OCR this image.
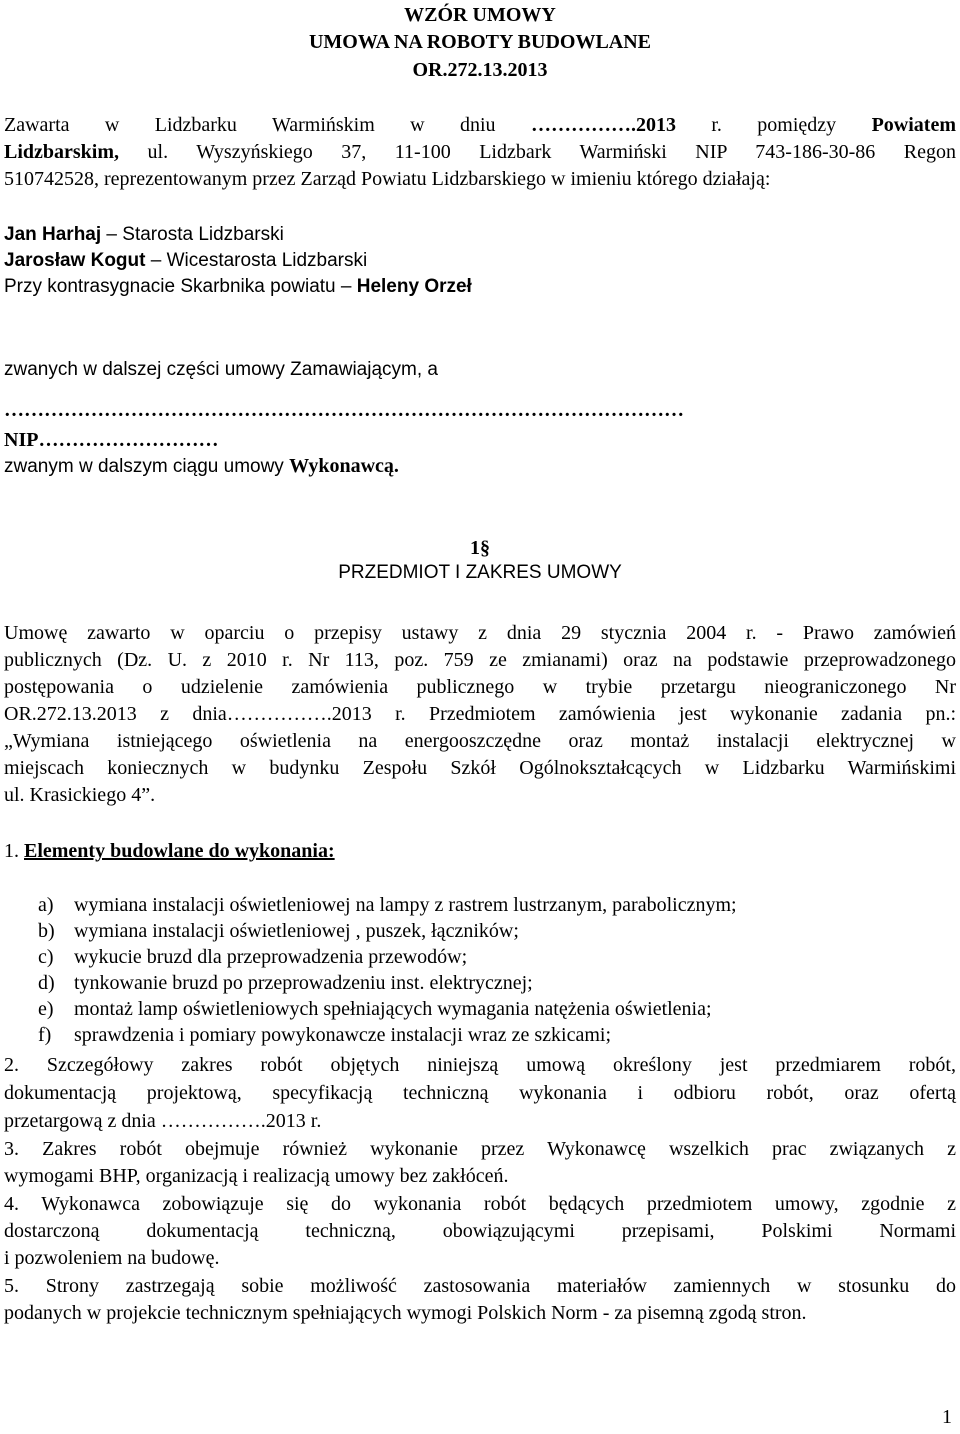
WZÓR UMOWY
UMOWA NA ROBOTY BUDOWLANE
OR.272.13.2013
Zawarta w Lidzbarku Warmińskim w dniu …………….2013 r. pomiędzy Powiatem
Lidzbarskim, ul. Wyszyńskiego 37, 11-100 Lidzbark Warmiński NIP 743-186-30-86 Regon
510742528, reprezentowanym przez Zarząd Powiatu Lidzbarskiego w imieniu którego działają:
Jan Harhaj – Starosta Lidzbarski
Jarosław Kogut – Wicestarosta Lidzbarski
Przy kontrasygnacie Skarbnika powiatu – Heleny Orzeł
zwanych w dalszej części umowy Zamawiającym, a
…………………………………………………………………………………………
NIP………………………
zwanym w dalszym ciągu umowy Wykonawcą.
1§
PRZEDMIOT I ZAKRES UMOWY
Umowę zawarto w oparciu o przepisy ustawy z dnia 29 stycznia 2004 r. - Prawo zamówień
publicznych (Dz. U. z 2010 r. Nr 113, poz. 759 ze zmianami) oraz na podstawie przeprowadzonego
postępowania o udzielenie zamówienia publicznego w trybie przetargu nieograniczonego Nr
OR.272.13.2013 z dnia…………….2013 r. Przedmiotem zamówienia jest wykonanie zadania pn.:
„Wymiana istniejącego oświetlenia na energooszczędne oraz montaż instalacji elektrycznej w
miejscach koniecznych w budynku Zespołu Szkół Ogólnokształcących w Lidzbarku Warmińskimi
ul. Krasickiego 4”.
1. Elementy budowlane do wykonania:
a) wymiana instalacji oświetleniowej na lampy z rastrem lustrzanym, parabolicznym;
b) wymiana instalacji oświetleniowej , puszek, łączników;
c) wykucie bruzd dla przeprowadzenia przewodów;
d) tynkowanie bruzd po przeprowadzeniu inst. elektrycznej;
e) montaż lamp oświetleniowych spełniających wymagania natężenia oświetlenia;
f) sprawdzenia i pomiary powykonawcze instalacji wraz ze szkicami;
2. Szczegółowy zakres robót objętych niniejszą umową określony jest przedmiarem robót,
dokumentacją projektową, specyfikacją techniczną wykonania i odbioru robót, oraz ofertą
przetargową z dnia …………….2013 r.
3. Zakres robót obejmuje również wykonanie przez Wykonawcę wszelkich prac związanych z
wymogami BHP, organizacją i realizacją umowy bez zakłóceń.
4. Wykonawca zobowiązuje się do wykonania robót będących przedmiotem umowy, zgodnie z
dostarczoną dokumentacją techniczną, obowiązującymi przepisami, Polskimi Normami
i pozwoleniem na budowę.
5. Strony zastrzegają sobie możliwość zastosowania materiałów zamiennych w stosunku do
podanych w projekcie technicznym spełniających wymogi Polskich Norm - za pisemną zgodą stron.
1
